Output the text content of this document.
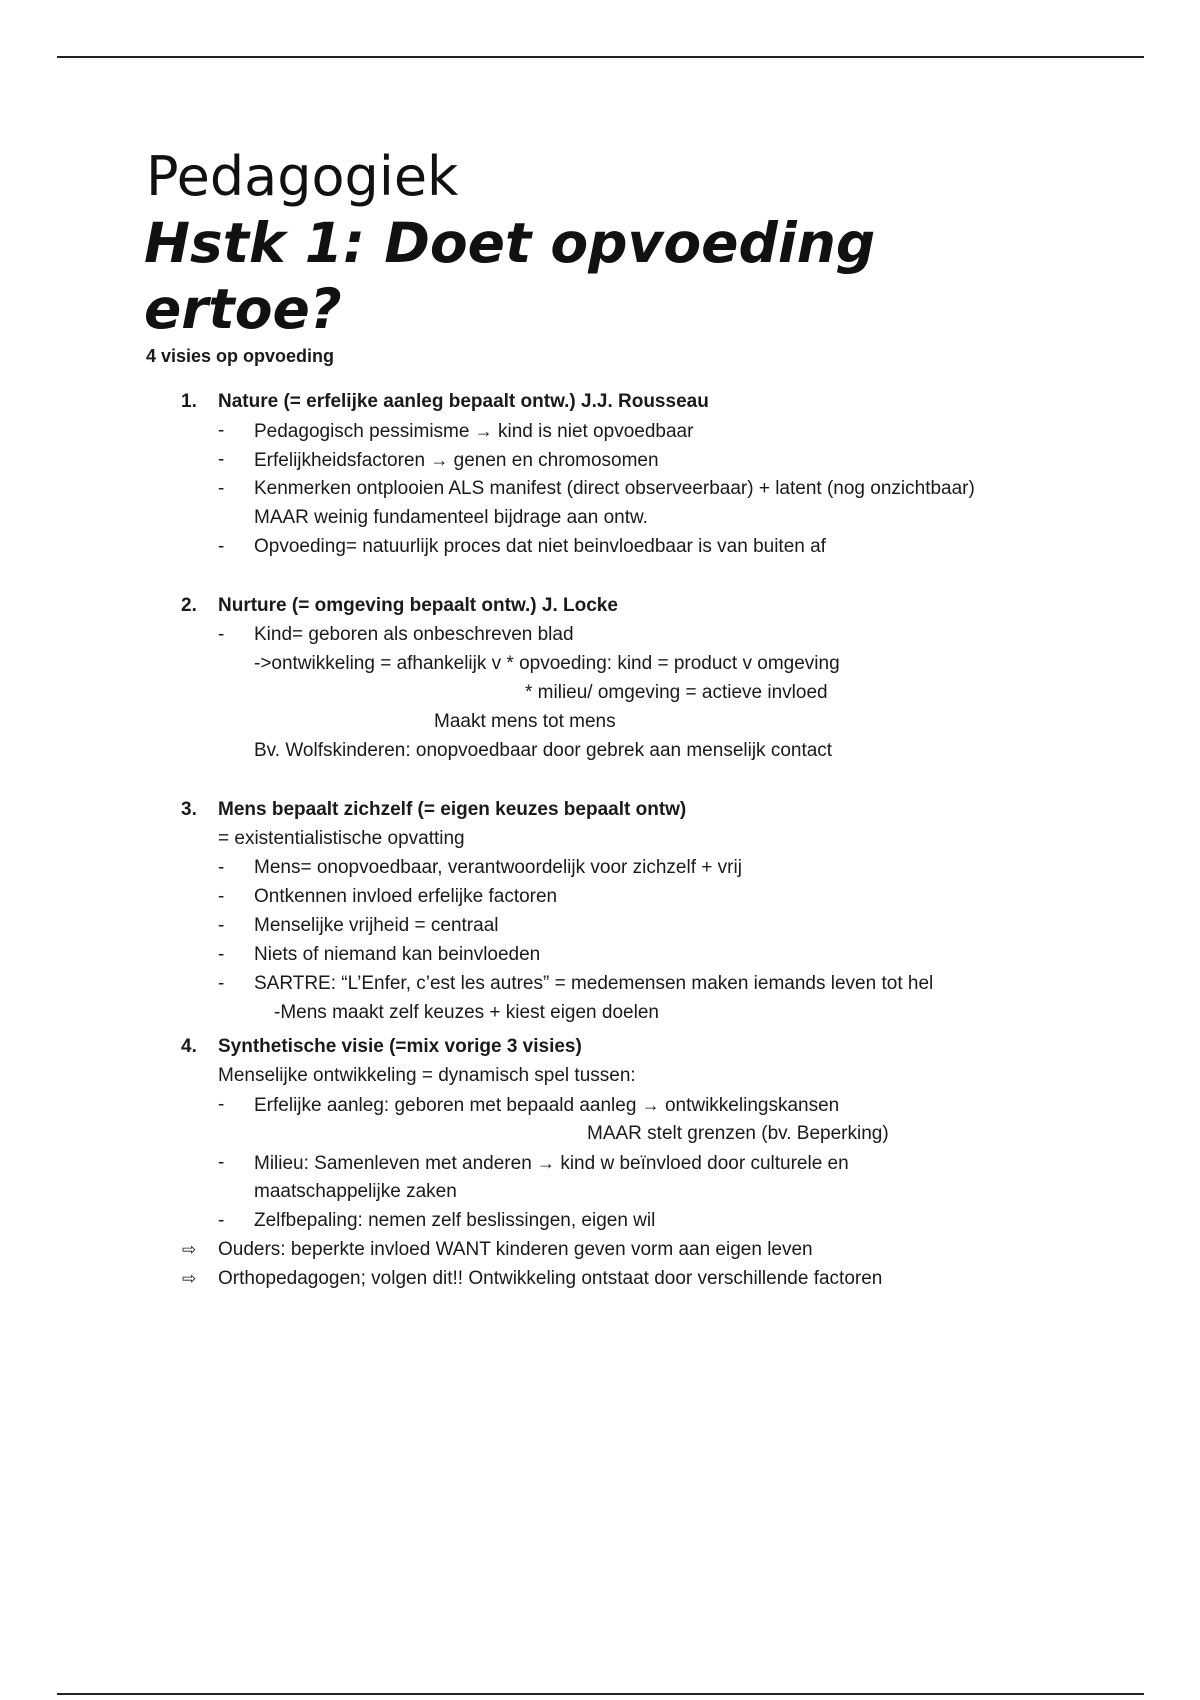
Pedagogiek
Hstk 1: Doet opvoeding
ertoe?
4 visies op opvoeding
1. Nature (= erfelijke aanleg bepaalt ontw.) J.J. Rousseau
- Pedagogisch pessimisme → kind is niet opvoedbaar
- Erfelijkheidsfactoren → genen en chromosomen
- Kenmerken ontplooien ALS manifest (direct observeerbaar) + latent (nog onzichtbaar)
MAAR weinig fundamenteel bijdrage aan ontw.
- Opvoeding= natuurlijk proces dat niet beinvloedbaar is van buiten af
2. Nurture (= omgeving bepaalt ontw.) J. Locke
- Kind= geboren als onbeschreven blad
->ontwikkeling = afhankelijk v * opvoeding: kind = product v omgeving
* milieu/ omgeving = actieve invloed
Maakt mens tot mens
Bv. Wolfskinderen: onopvoedbaar door gebrek aan menselijk contact
3. Mens bepaalt zichzelf (= eigen keuzes bepaalt ontw)
= existentialistische opvatting
- Mens= onopvoedbaar, verantwoordelijk voor zichzelf + vrij
- Ontkennen invloed erfelijke factoren
- Menselijke vrijheid = centraal
- Niets of niemand kan beinvloeden
- SARTRE: “L’Enfer, c’est les autres” = medemensen maken iemands leven tot hel
-Mens maakt zelf keuzes + kiest eigen doelen
4. Synthetische visie (=mix vorige 3 visies)
Menselijke ontwikkeling = dynamisch spel tussen:
- Erfelijke aanleg: geboren met bepaald aanleg → ontwikkelingskansen
MAAR stelt grenzen (bv. Beperking)
- Milieu: Samenleven met anderen → kind w beïnvloed door culturele en
maatschappelijke zaken
- Zelfbepaling: nemen zelf beslissingen, eigen wil
⇨ Ouders: beperkte invloed WANT kinderen geven vorm aan eigen leven
⇨ Orthopedagogen; volgen dit!! Ontwikkeling ontstaat door verschillende factoren
